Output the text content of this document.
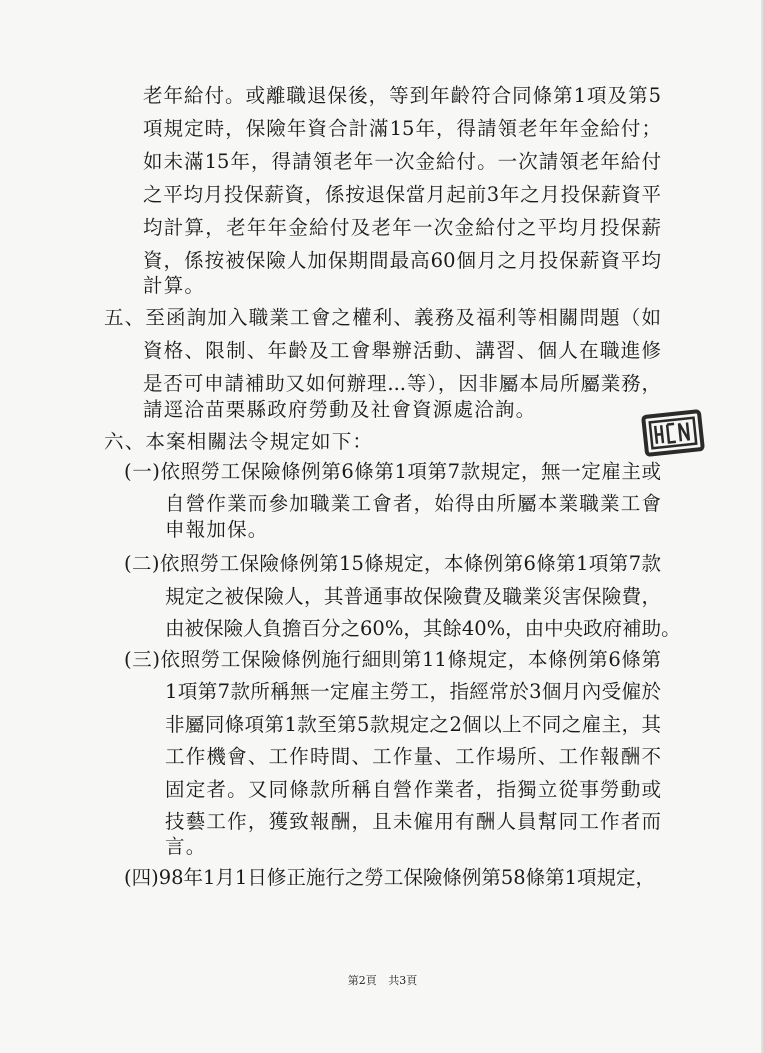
老年給付。或離職退保後，等到年齡符合同條第1項及第5
項規定時，保險年資合計滿15年，得請領老年年金給付；
如未滿15年，得請領老年一次金給付。一次請領老年給付
之平均月投保薪資，係按退保當月起前3年之月投保薪資平
均計算，老年年金給付及老年一次金給付之平均月投保薪
資，係按被保險人加保期間最高60個月之月投保薪資平均
計算。
五、至函詢加入職業工會之權利、義務及福利等相關問題（如
資格、限制、年齡及工會舉辦活動、講習、個人在職進修
是否可申請補助又如何辦理...等），因非屬本局所屬業務，
請逕洽苗栗縣政府勞動及社會資源處洽詢。
六、本案相關法令規定如下：
(一)依照勞工保險條例第6條第1項第7款規定，無一定雇主或
自營作業而參加職業工會者，始得由所屬本業職業工會
申報加保。
(二)依照勞工保險條例第15條規定，本條例第6條第1項第7款
規定之被保險人，其普通事故保險費及職業災害保險費，
由被保險人負擔百分之60%，其餘40%，由中央政府補助。
(三)依照勞工保險條例施行細則第11條規定，本條例第6條第
1項第7款所稱無一定雇主勞工，指經常於3個月內受僱於
非屬同條項第1款至第5款規定之2個以上不同之雇主，其
工作機會、工作時間、工作量、工作場所、工作報酬不
固定者。又同條款所稱自營作業者，指獨立從事勞動或
技藝工作，獲致報酬，且未僱用有酬人員幫同工作者而
言。
(四)98年1月1日修正施行之勞工保險條例第58條第1項規定，
第2頁 共3頁
